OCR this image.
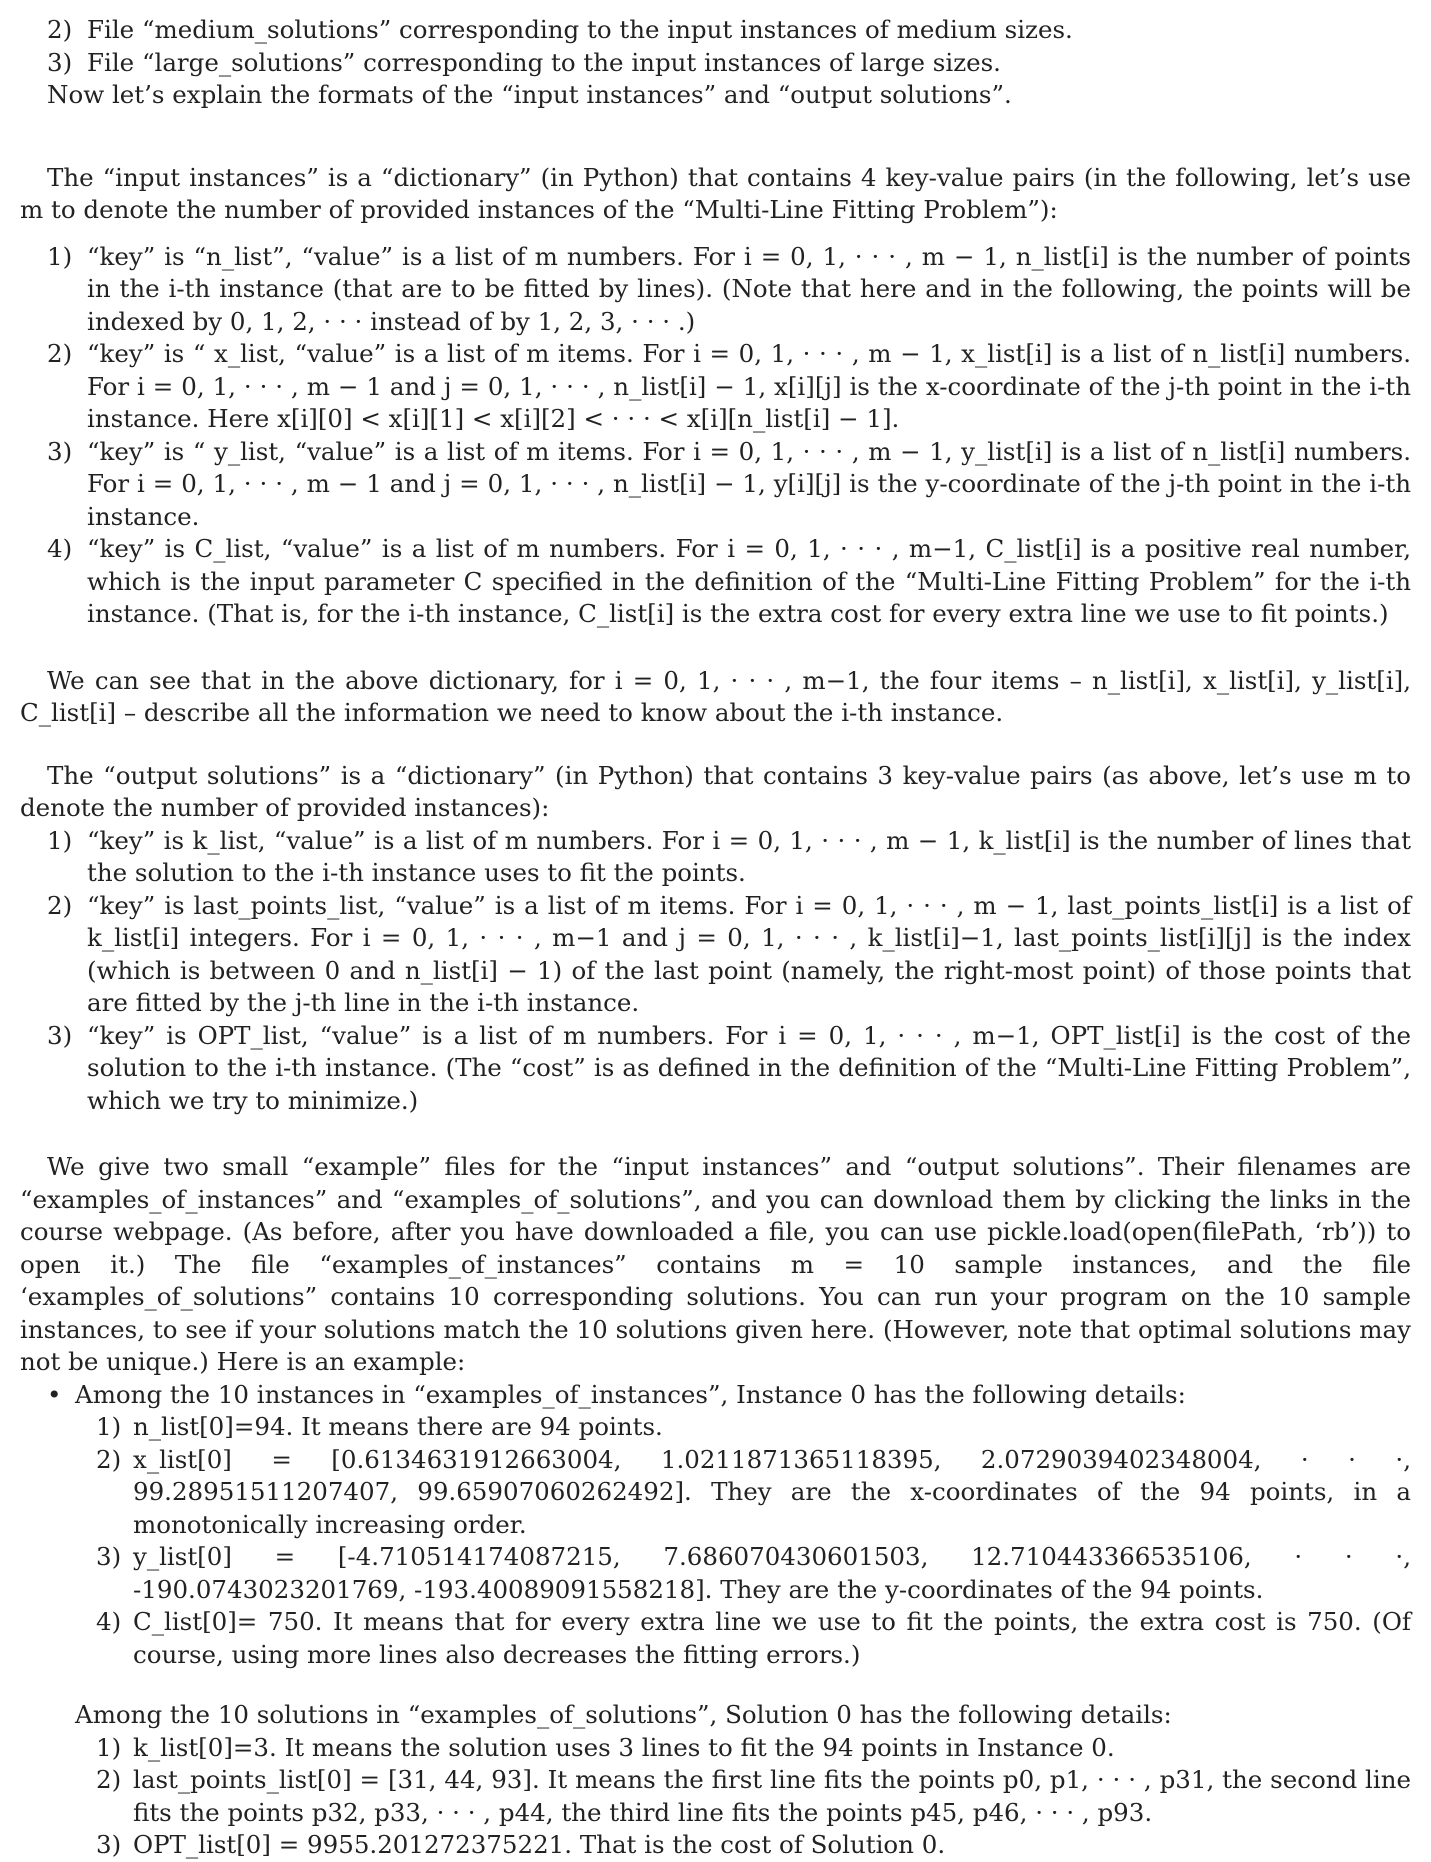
2) File “medium_solutions” corresponding to the input instances of medium sizes.
3) File “large_solutions” corresponding to the input instances of large sizes.

Now let’s explain the formats of the “input instances” and “output solutions”.

The “input instances” is a “dictionary” (in Python) that contains 4 key-value pairs (in the following, let’s use m to denote the number of provided instances of the “Multi-Line Fitting Problem”):

1) “key” is “n_list”, “value” is a list of m numbers. For i = 0, 1, · · · , m − 1, n_list[i] is the number of points in the i-th instance (that are to be fitted by lines). (Note that here and in the following, the points will be indexed by 0, 1, 2, · · · instead of by 1, 2, 3, · · · .)
2) “key” is “ x_list, “value” is a list of m items. For i = 0, 1, · · · , m − 1, x_list[i] is a list of n_list[i] numbers. For i = 0, 1, · · · , m − 1 and j = 0, 1, · · · , n_list[i] − 1, x[i][j] is the x-coordinate of the j-th point in the i-th instance. Here x[i][0] < x[i][1] < x[i][2] < · · · < x[i][n_list[i] − 1].
3) “key” is “ y_list, “value” is a list of m items. For i = 0, 1, · · · , m − 1, y_list[i] is a list of n_list[i] numbers. For i = 0, 1, · · · , m − 1 and j = 0, 1, · · · , n_list[i] − 1, y[i][j] is the y-coordinate of the j-th point in the i-th instance.
4) “key” is C_list, “value” is a list of m numbers. For i = 0, 1, · · · , m−1, C_list[i] is a positive real number, which is the input parameter C specified in the definition of the “Multi-Line Fitting Problem” for the i-th instance. (That is, for the i-th instance, C_list[i] is the extra cost for every extra line we use to fit points.)

We can see that in the above dictionary, for i = 0, 1, · · · , m−1, the four items – n_list[i], x_list[i], y_list[i], C_list[i] – describe all the information we need to know about the i-th instance.

The “output solutions” is a “dictionary” (in Python) that contains 3 key-value pairs (as above, let’s use m to denote the number of provided instances):

1) “key” is k_list, “value” is a list of m numbers. For i = 0, 1, · · · , m − 1, k_list[i] is the number of lines that the solution to the i-th instance uses to fit the points.
2) “key” is last_points_list, “value” is a list of m items. For i = 0, 1, · · · , m − 1, last_points_list[i] is a list of k_list[i] integers. For i = 0, 1, · · · , m−1 and j = 0, 1, · · · , k_list[i]−1, last_points_list[i][j] is the index (which is between 0 and n_list[i] − 1) of the last point (namely, the right-most point) of those points that are fitted by the j-th line in the i-th instance.
3) “key” is OPT_list, “value” is a list of m numbers. For i = 0, 1, · · · , m−1, OPT_list[i] is the cost of the solution to the i-th instance. (The “cost” is as defined in the definition of the “Multi-Line Fitting Problem”, which we try to minimize.)

We give two small “example” files for the “input instances” and “output solutions”. Their filenames are “examples_of_instances” and “examples_of_solutions”, and you can download them by clicking the links in the course webpage. (As before, after you have downloaded a file, you can use pickle.load(open(filePath, ‘rb’)) to open it.) The file “examples_of_instances” contains m = 10 sample instances, and the file ‘examples_of_solutions” contains 10 corresponding solutions. You can run your program on the 10 sample instances, to see if your solutions match the 10 solutions given here. (However, note that optimal solutions may not be unique.) Here is an example:

• Among the 10 instances in “examples_of_instances”, Instance 0 has the following details:

1) n_list[0]=94. It means there are 94 points.
2) x_list[0] = [0.6134631912663004, 1.0211871365118395, 2.0729039402348004, · · ·, 99.28951511207407, 99.65907060262492]. They are the x-coordinates of the 94 points, in a monotonically increasing order.
3) y_list[0] = [-4.710514174087215, 7.686070430601503, 12.710443366535106, · · ·, -190.0743023201769, -193.40089091558218]. They are the y-coordinates of the 94 points.
4) C_list[0]= 750. It means that for every extra line we use to fit the points, the extra cost is 750. (Of course, using more lines also decreases the fitting errors.)

Among the 10 solutions in “examples_of_solutions”, Solution 0 has the following details:

1) k_list[0]=3. It means the solution uses 3 lines to fit the 94 points in Instance 0.
2) last_points_list[0] = [31, 44, 93]. It means the first line fits the points p0, p1, · · · , p31, the second line fits the points p32, p33, · · · , p44, the third line fits the points p45, p46, · · · , p93.
3) OPT_list[0] = 9955.201272375221. That is the cost of Solution 0.
